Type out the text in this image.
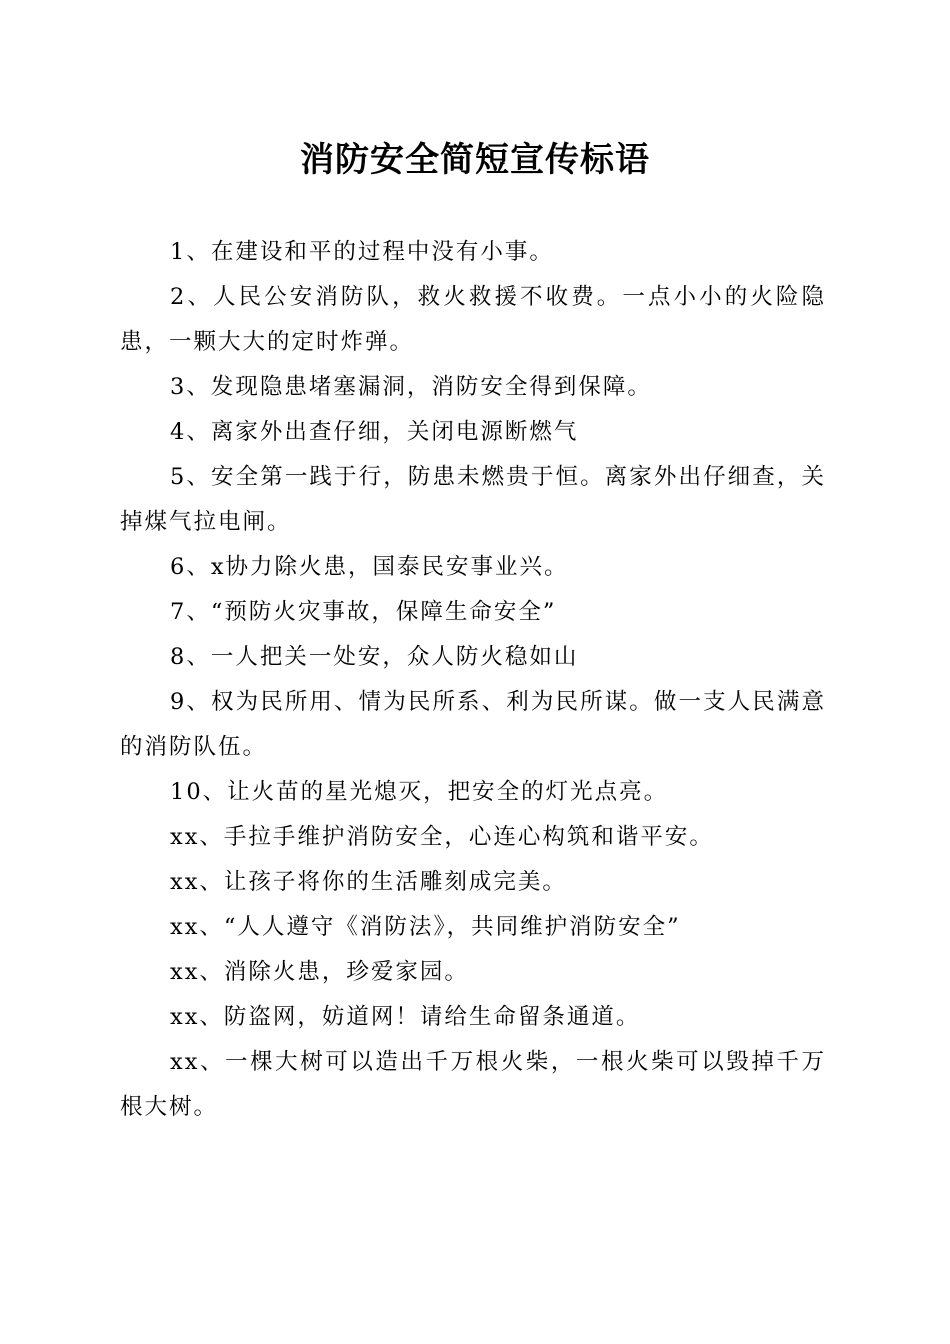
消防安全简短宣传标语

1、在建设和平的过程中没有小事。

2、人民公安消防队，救火救援不收费。一点小小的火险隐患，一颗大大的定时炸弹。

3、发现隐患堵塞漏洞，消防安全得到保障。

4、离家外出查仔细，关闭电源断燃气

5、安全第一践于行，防患未燃贵于恒。离家外出仔细查，关掉煤气拉电闸。

6、x协力除火患，国泰民安事业兴。

7、“预防火灾事故，保障生命安全”

8、一人把关一处安，众人防火稳如山

9、权为民所用、情为民所系、利为民所谋。做一支人民满意的消防队伍。

10、让火苗的星光熄灭，把安全的灯光点亮。

xx、手拉手维护消防安全，心连心构筑和谐平安。

xx、让孩子将你的生活雕刻成完美。

xx、“人人遵守《消防法》，共同维护消防安全”

xx、消除火患，珍爱家园。

xx、防盗网，妨道网！请给生命留条通道。

xx、一棵大树可以造出千万根火柴，一根火柴可以毁掉千万根大树。
